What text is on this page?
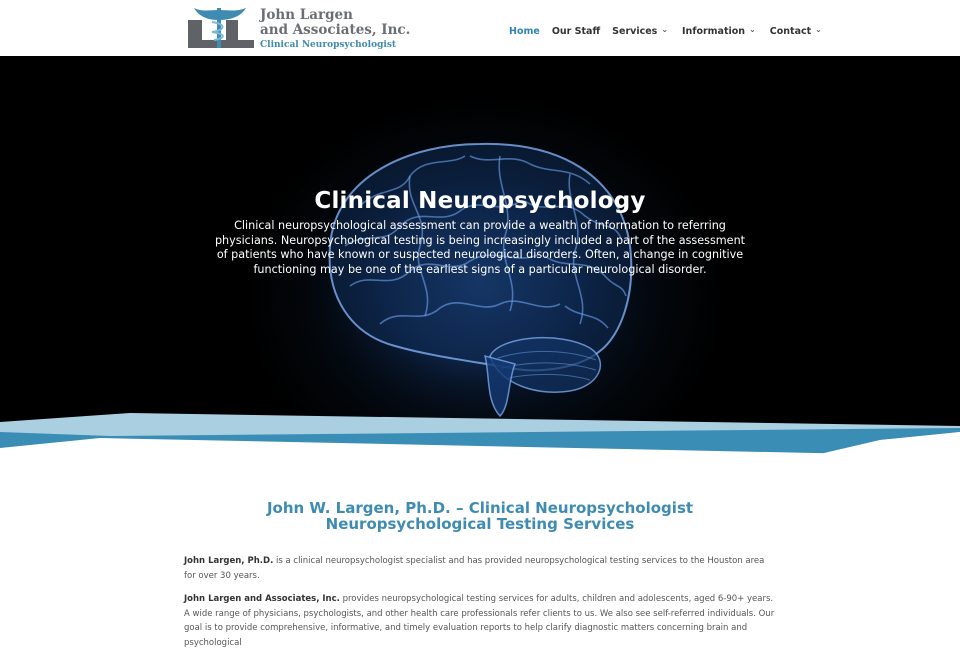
John Largen
and Associates, Inc.
Clinical Neuropsychologist
Home Our Staff Services ⌄ Information ⌄ Contact ⌄
Clinical Neuropsychology

Clinical neuropsychological assessment can provide a wealth of information to referring physicians. Neuropsychological testing is being increasingly included a part of the assessment of patients who have known or suspected neurological disorders. Often, a change in cognitive functioning may be one of the earliest signs of a particular neurological disorder.

John W. Largen, Ph.D. – Clinical Neuropsychologist
Neuropsychological Testing Services

John Largen, Ph.D. is a clinical neuropsychologist specialist and has provided neuropsychological testing services to the Houston area for over 30 years.

John Largen and Associates, Inc. provides neuropsychological testing services for adults, children and adolescents, aged 6-90+ years. A wide range of physicians, psychologists, and other health care professionals refer clients to us. We also see self-referred individuals. Our goal is to provide comprehensive, informative, and timely evaluation reports to help clarify diagnostic matters concerning brain and psychological
